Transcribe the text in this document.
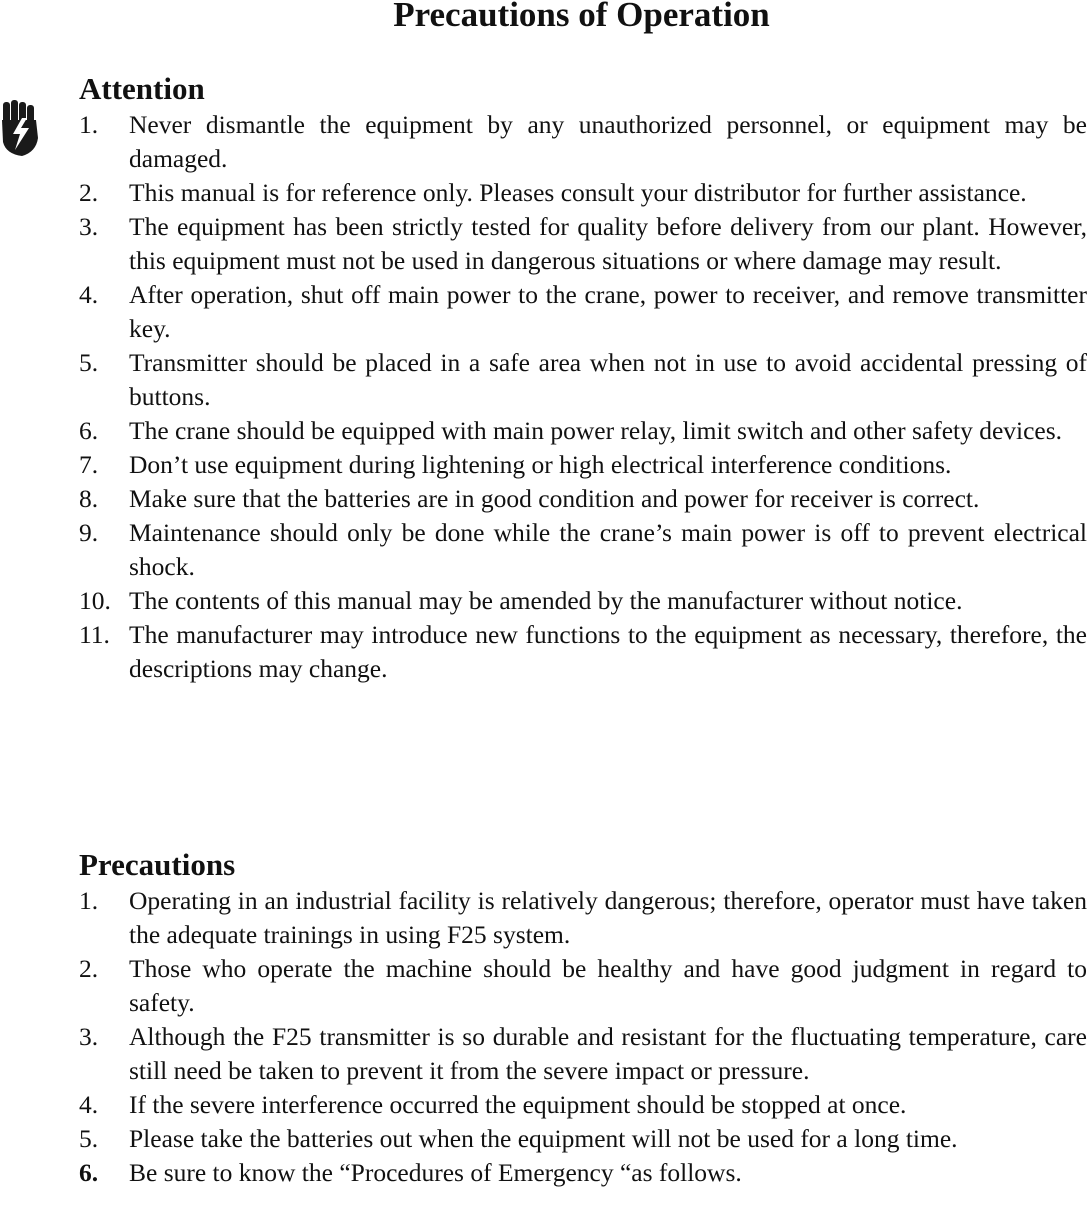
Precautions of Operation
Attention
1. Never dismantle the equipment by any unauthorized personnel, or equipment may be damaged.
2. This manual is for reference only. Pleases consult your distributor for further assistance.
3. The equipment has been strictly tested for quality before delivery from our plant. However, this equipment must not be used in dangerous situations or where damage may result.
4. After operation, shut off main power to the crane, power to receiver, and remove transmitter key.
5. Transmitter should be placed in a safe area when not in use to avoid accidental pressing of buttons.
6. The crane should be equipped with main power relay, limit switch and other safety devices.
7. Don’t use equipment during lightening or high electrical interference conditions.
8. Make sure that the batteries are in good condition and power for receiver is correct.
9. Maintenance should only be done while the crane’s main power is off to prevent electrical shock.
10. The contents of this manual may be amended by the manufacturer without notice.
11. The manufacturer may introduce new functions to the equipment as necessary, therefore, the descriptions may change.
Precautions
1. Operating in an industrial facility is relatively dangerous; therefore, operator must have taken the adequate trainings in using F25 system.
2. Those who operate the machine should be healthy and have good judgment in regard to safety.
3. Although the F25 transmitter is so durable and resistant for the fluctuating temperature, care still need be taken to prevent it from the severe impact or pressure.
4. If the severe interference occurred the equipment should be stopped at once.
5. Please take the batteries out when the equipment will not be used for a long time.
6. Be sure to know the “Procedures of Emergency “as follows.
